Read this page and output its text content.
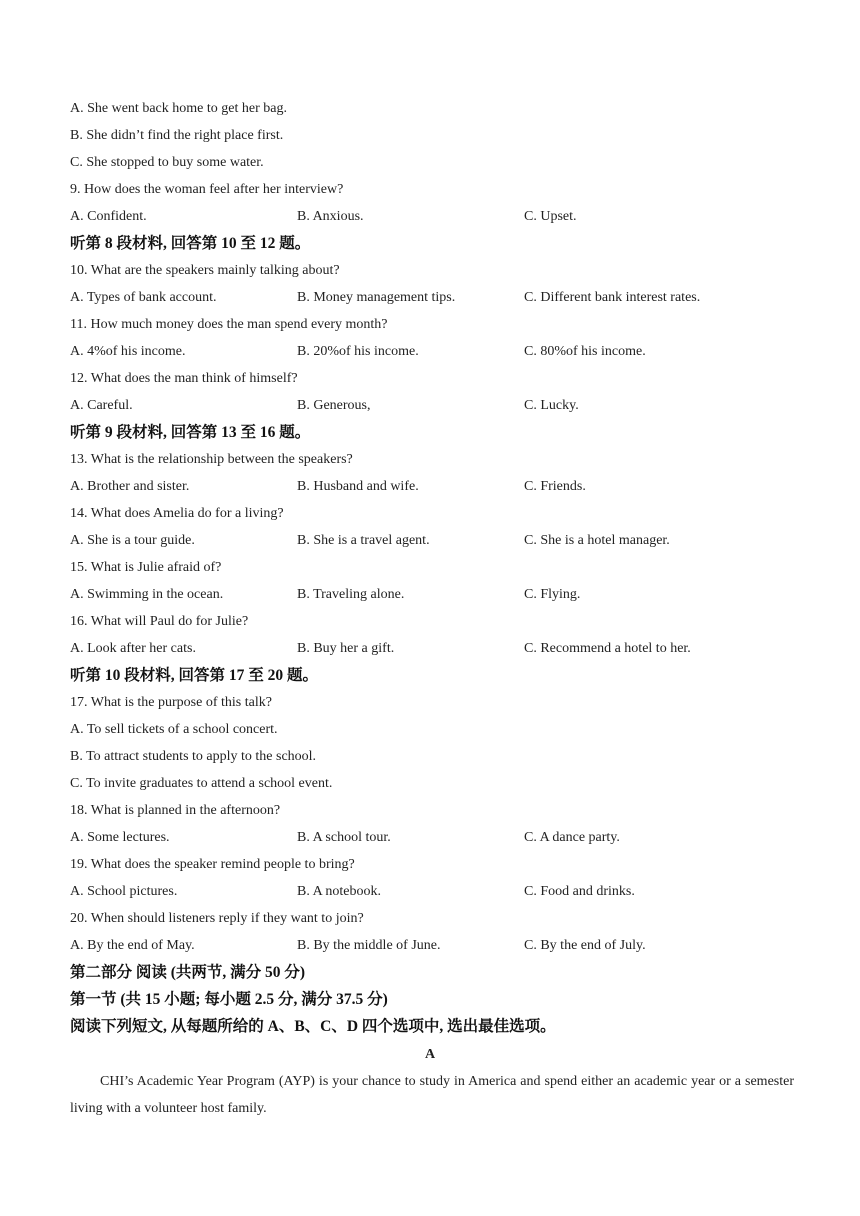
A. She went back home to get her bag.
B. She didn’t find the right place first.
C. She stopped to buy some water.
9. How does the woman feel after her interview?
A. Confident.	B. Anxious.	C. Upset.
听第 8 段材料, 回答第 10 至 12 题。
10. What are the speakers mainly talking about?
A. Types of bank account.	B. Money management tips.	C. Different bank interest rates.
11. How much money does the man spend every month?
A. 4%of his income.	B. 20%of his income.	C. 80%of his income.
12. What does the man think of himself?
A. Careful.	B. Generous,	C. Lucky.
听第 9 段材料, 回答第 13 至 16 题。
13. What is the relationship between the speakers?
A. Brother and sister.	B. Husband and wife.	C. Friends.
14. What does Amelia do for a living?
A. She is a tour guide.	B. She is a travel agent.	C. She is a hotel manager.
15. What is Julie afraid of?
A. Swimming in the ocean.	B. Traveling alone.	C. Flying.
16. What will Paul do for Julie?
A. Look after her cats.	B. Buy her a gift.	C. Recommend a hotel to her.
听第 10 段材料, 回答第 17 至 20 题。
17. What is the purpose of this talk?
A. To sell tickets of a school concert.
B. To attract students to apply to the school.
C. To invite graduates to attend a school event.
18. What is planned in the afternoon?
A. Some lectures.	B. A school tour.	C. A dance party.
19. What does the speaker remind people to bring?
A. School pictures.	B. A notebook.	C. Food and drinks.
20. When should listeners reply if they want to join?
A. By the end of May.	B. By the middle of June.	C. By the end of July.
第二部分 阅读 (共两节, 满分 50 分)
第一节 (共 15 小题; 每小题 2.5 分, 满分 37.5 分)
阅读下列短文, 从每题所给的 A、B、C、D 四个选项中, 选出最佳选项。
A
CHI’s Academic Year Program (AYP) is your chance to study in America and spend either an academic year or a semester living with a volunteer host family.
